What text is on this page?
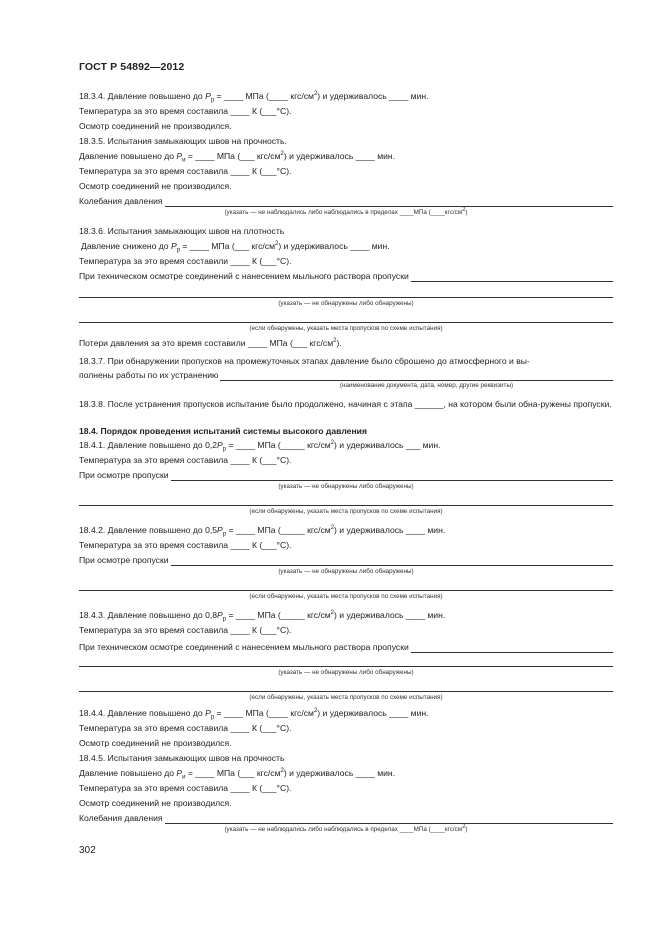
ГОСТ Р 54892—2012
18.3.4. Давление повышено до $P_р$ = ____ МПа (____ кгс/$см^2$) и удерживалось ____ мин.
Температура за это время составила ____ К (___°С).
Осмотр соединений не производился.
18.3.5. Испытания замыкающих швов на прочность.
Давление повышено до $P_и$ = ____ МПа (___ кгс/$см^2$) и удерживалось ____ мин.
Температура за это время составила ____ К (___°С).
Осмотр соединений не производился.
Колебания давления
(указать — не наблюдались либо наблюдались в пределах ____МПа $(\_\_\_\_кгс/см^2)$
18.3.6. Испытания замыкающих швов на плотность
Давление снижено до $P_р$ = ____ МПа (___ кгс/$см^2$) и удерживалось ____ мин.
Температура за это время составили ____ К (___°С).
При техническом осмотре соединений с нанесением мыльного раствора пропуски
(указать — не обнаружены либо обнаружены)
(если обнаружены, указать места пропусков по схеме испытания)
Потери давления за это время составили ____ МПа (___ кгс/$см^2$).
18.3.7. При обнаружении пропусков на промежуточных этапах давление было сброшено до атмосферного и вы-
полнены работы по их устранению
(наименование документа, дата, номер, другие реквизиты)
18.3.8. После устранения пропусков испытание было продолжено, начиная с этапа ______, на котором были обна-ружены пропуски.
18.4. Порядок проведения испытаний системы высокого давления
18.4.1. Давление повышено до $0,2P_р$ = ____ МПа (_____ кгс/$см^2$) и удерживалось ___ мин.
Температура за это время составила ____ К (___°С).
При осмотре пропуски
(указать — не обнаружены либо обнаружены)
(если обнаружены, указать места пропусков по схеме испытания)
18.4.2. Давление повышено до $0,5P_р$ = ____ МПа (_____ кгс/$см^2$) и удерживалось ____ мин.
Температура за это время составила ____ К (___°С).
При осмотре пропуски
(указать — не обнаружены либо обнаружены)
(если обнаружены, указать места пропусков по схеме испытания)
18.4.3. Давление повышено до $0,8P_р$ = ____ МПа (_____ кгс/$см^2$) и удерживалось ____ мин.
Температура за это время составила ____ К (___°С).
При техническом осмотре соединений с нанесением мыльного раствора пропуски
(указать — не обнаружены либо обнаружены)
(если обнаружены, указать места пропусков по схеме испытания)
18.4.4. Давление повышено до $P_р$ = ____ МПа (____ кгс/$см^2$) и удерживалось ____ мин.
Температура за это время составила ____ К (___°С).
Осмотр соединений не производился.
18.4.5. Испытания замыкающих швов на прочность
Давление повышено до $P_и$ = ____ МПа (___ кгс/$см^2$) и удерживалось ____ мин.
Температура за это время составила ____ К (___°С).
Осмотр соединений не производился.
Колебания давления
(указать — не наблюдались либо наблюдались в пределах ____МПа $(\_\_\_\_кгс/см^2)$
302
